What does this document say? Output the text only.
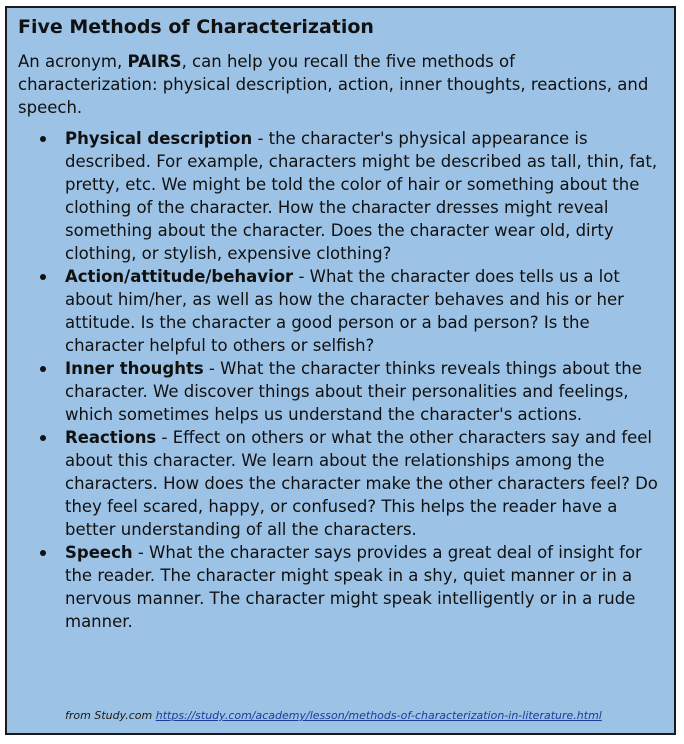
Five Methods of Characterization

An acronym, PAIRS, can help you recall the five methods of characterization: physical description, action, inner thoughts, reactions, and speech.

Physical description - the character's physical appearance is described. For example, characters might be described as tall, thin, fat, pretty, etc. We might be told the color of hair or something about the clothing of the character. How the character dresses might reveal something about the character. Does the character wear old, dirty clothing, or stylish, expensive clothing?
Action/attitude/behavior - What the character does tells us a lot about him/her, as well as how the character behaves and his or her attitude. Is the character a good person or a bad person? Is the character helpful to others or selfish?
Inner thoughts - What the character thinks reveals things about the character. We discover things about their personalities and feelings, which sometimes helps us understand the character's actions.
Reactions - Effect on others or what the other characters say and feel about this character. We learn about the relationships among the characters. How does the character make the other characters feel? Do they feel scared, happy, or confused? This helps the reader have a better understanding of all the characters.
Speech - What the character says provides a great deal of insight for the reader. The character might speak in a shy, quiet manner or in a nervous manner. The character might speak intelligently or in a rude manner.

from Study.com https://study.com/academy/lesson/methods-of-characterization-in-literature.html
